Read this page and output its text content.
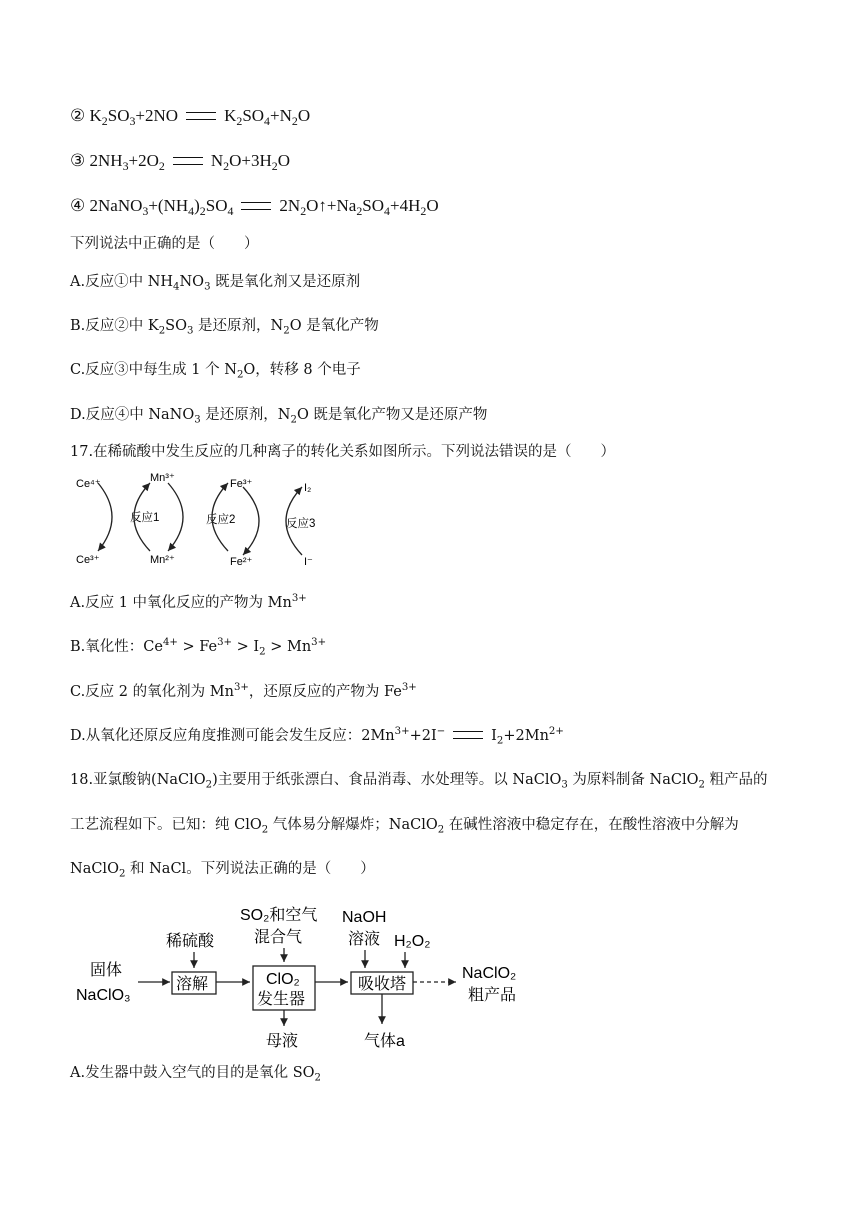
② $K_2SO_3+2NO$	$K_2SO_4+N_2O$
③ $2NH_3+2O_2$	$N_2O+3H_2O$
④ $2NaNO_3+(NH_4)_2SO_4$	$2N_2O↑+Na_2SO_4+4H_2O$
下列说法中正确的是（　　）
A.反应①中 $NH_4NO_3$ 既是氧化剂又是还原剂
B.反应②中 $K_2SO_3$ 是还原剂，$N_2O$ 是氧化产物
C.反应③中每生成 1 个 $N_2O$，转移 8 个电子
D.反应④中 NaNO$_3$ 是还原剂，$N_2O$ 既是氧化产物又是还原产物
17.在稀硫酸中发生反应的几种离子的转化关系如图所示。下列说法错误的是（　　）
Ce⁴⁺
Ce³⁺
Mn³⁺
Mn²⁺
Fe³⁺
Fe²⁺
I₂
I⁻
反应1	反应2	反应3
A.反应 1 中氧化反应的产物为 $Mn^{3+}$
B.氧化性：$Ce^{4+} > Fe^{3+} > I_2 > Mn^{3+}$
C.反应 2 的氧化剂为 $Mn^{3+}$，还原反应的产物为 $Fe^{3+}$
D.从氧化还原反应角度推测可能会发生反应：$2Mn^{3+}+2I^-$	$I_2+2Mn^{2+}$
18.亚氯酸钠(NaClO$_2$)主要用于纸张漂白、食品消毒、水处理等。以 NaClO$_3$ 为原料制备 NaClO$_2$ 粗产品的
工艺流程如下。已知：纯 ClO$_2$ 气体易分解爆炸；NaClO$_2$ 在碱性溶液中稳定存在，在酸性溶液中分解为
NaClO$_2$ 和 NaCl。下列说法正确的是（　　）
固体
NaClO₃
稀硫酸
溶解
SO₂和空气
混合气
ClO₂
发生器
母液
NaOH
溶液 H₂O₂
吸收塔
气体a
NaClO₂
粗产品
A.发生器中鼓入空气的目的是氧化 $SO_2$
